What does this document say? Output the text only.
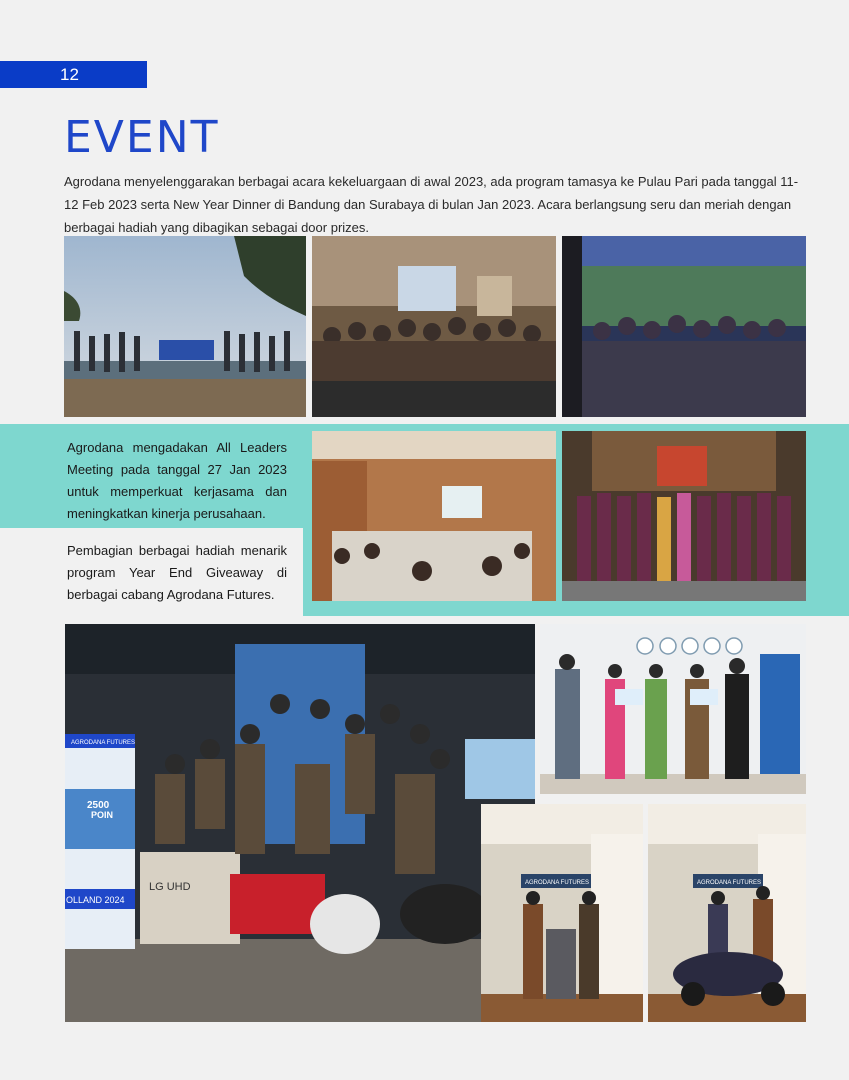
12
EVENT
Agrodana menyelenggarakan berbagai acara kekeluargaan di awal 2023, ada program tamasya ke Pulau Pari pada tanggal 11-12 Feb 2023 serta New Year Dinner di Bandung dan Surabaya di bulan Jan 2023. Acara berlangsung seru dan meriah dengan berbagai hadiah yang dibagikan sebagai door prizes.
Agrodana mengadakan All Leaders Meeting pada tanggal 27 Jan 2023 untuk memperkuat kerjasama dan meningkatkan kinerja perusahaan.
Pembagian berbagai hadiah menarik program Year End Giveaway di berbagai cabang Agrodana Futures.
AGRODANA FUTURES
2500
POIN
OLLAND 2024
LG UHD	AGRODANA FUTURES	AGRODANA FUTURES
